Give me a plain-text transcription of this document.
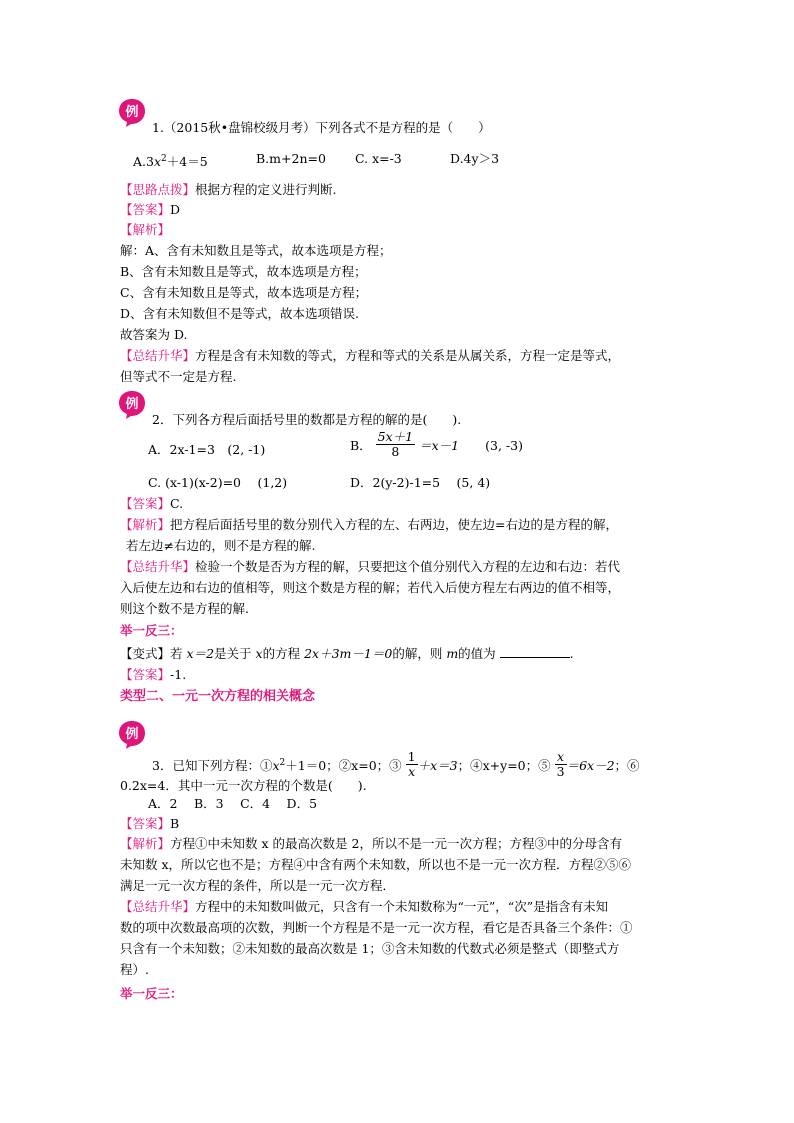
例
1.（2015秋•盘锦校级月考）下列各式不是方程的是（　　）
$A.3x^2+4=5$	B.m+2n=0 C. x=-3	D.4y＞3
【思路点拨】根据方程的定义进行判断.
【答案】D
【解析】
解：A、含有未知数且是等式，故本选项是方程；
B、含有未知数且是等式，故本选项是方程；
C、含有未知数且是等式，故本选项是方程；
D、含有未知数但不是等式，故本选项错误.
故答案为 D.
【总结升华】方程是含有未知数的等式，方程和等式的关系是从属关系，方程一定是等式，
但等式不一定是方程.
例
2．下列各方程后面括号里的数都是方程的解的是(　　).
A．2x-1=3　(2, -1)	B． $\frac{5x+1}{8} =x-1$ (3, -3)
C. (x-1)(x-2)=0　 (1,2)	D．2(y-2)-1=5　 (5, 4)
【答案】C.
【解析】把方程后面括号里的数分别代入方程的左、右两边，使左边=右边的是方程的解，
若左边≠右边的，则不是方程的解.
【总结升华】检验一个数是否为方程的解，只要把这个值分别代入方程的左边和右边：若代
入后使左边和右边的值相等，则这个数是方程的解；若代入后使方程左右两边的值不相等，
则这个数不是方程的解.
举一反三：
【变式】若 x＝2是关于 x的方程 2x＋3m－1＝0的解，则 m的值为	.
【答案】-1.
类型二、一元一次方程的相关概念
例
3．已知下列方程：$①x^2+1=0$；②x=0；③ $\frac{1}{x} +x=3$；④x+y=0；⑤ $\frac{x}{3} =6x-2$；⑥
0.2x=4．其中一元一次方程的个数是(　　).
A．2　 B．3　 C．4　 D．5
【答案】B
【解析】方程①中未知数 x 的最高次数是 2，所以不是一元一次方程；方程③中的分母含有
未知数 x，所以它也不是；方程④中含有两个未知数，所以也不是一元一次方程．方程②⑤⑥
满足一元一次方程的条件，所以是一元一次方程．
【总结升华】方程中的未知数叫做元，只含有一个未知数称为“一元”，“次”是指含有未知
数的项中次数最高项的次数，判断一个方程是不是一元一次方程，看它是否具备三个条件：①
只含有一个未知数；②未知数的最高次数是 1；③含未知数的代数式必须是整式（即整式方
程）.
举一反三：
